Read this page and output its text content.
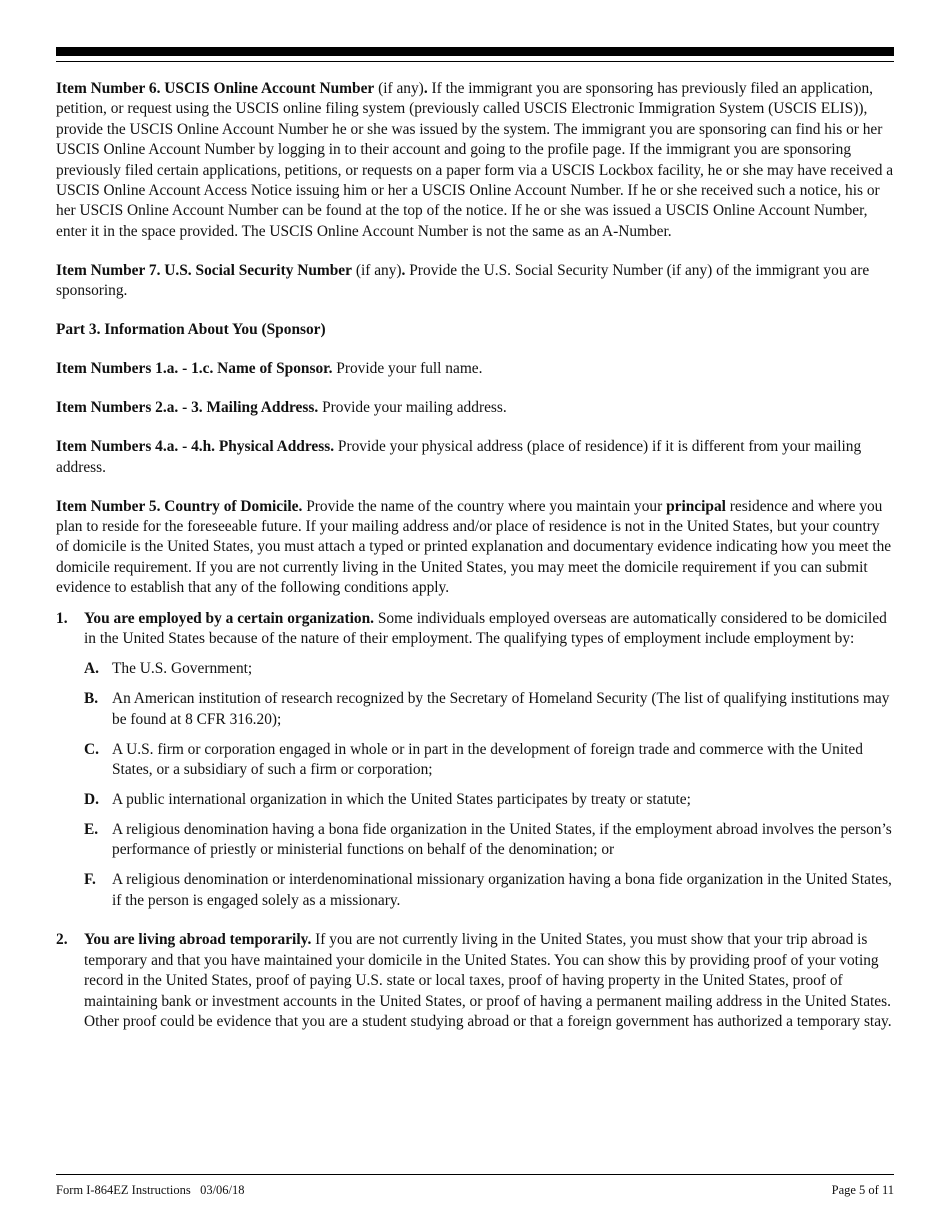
Item Number 6. USCIS Online Account Number (if any). If the immigrant you are sponsoring has previously filed an application, petition, or request using the USCIS online filing system (previously called USCIS Electronic Immigration System (USCIS ELIS)), provide the USCIS Online Account Number he or she was issued by the system. The immigrant you are sponsoring can find his or her USCIS Online Account Number by logging in to their account and going to the profile page. If the immigrant you are sponsoring previously filed certain applications, petitions, or requests on a paper form via a USCIS Lockbox facility, he or she may have received a USCIS Online Account Access Notice issuing him or her a USCIS Online Account Number. If he or she received such a notice, his or her USCIS Online Account Number can be found at the top of the notice. If he or she was issued a USCIS Online Account Number, enter it in the space provided. The USCIS Online Account Number is not the same as an A-Number.

Item Number 7. U.S. Social Security Number (if any). Provide the U.S. Social Security Number (if any) of the immigrant you are sponsoring.

Part 3. Information About You (Sponsor)

Item Numbers 1.a. - 1.c. Name of Sponsor. Provide your full name.

Item Numbers 2.a. - 3. Mailing Address. Provide your mailing address.

Item Numbers 4.a. - 4.h. Physical Address. Provide your physical address (place of residence) if it is different from your mailing address.

Item Number 5. Country of Domicile. Provide the name of the country where you maintain your principal residence and where you plan to reside for the foreseeable future. If your mailing address and/or place of residence is not in the United States, but your country of domicile is the United States, you must attach a typed or printed explanation and documentary evidence indicating how you meet the domicile requirement. If you are not currently living in the United States, you may meet the domicile requirement if you can submit evidence to establish that any of the following conditions apply.

1.	You are employed by a certain organization. Some individuals employed overseas are automatically considered to be domiciled in the United States because of the nature of their employment. The qualifying types of employment include employment by:

A. The U.S. Government;
B. An American institution of research recognized by the Secretary of Homeland Security (The list of qualifying institutions may be found at 8 CFR 316.20);
C. A U.S. firm or corporation engaged in whole or in part in the development of foreign trade and commerce with the United States, or a subsidiary of such a firm or corporation;
D. A public international organization in which the United States participates by treaty or statute;
E. A religious denomination having a bona fide organization in the United States, if the employment abroad involves the person’s performance of priestly or ministerial functions on behalf of the denomination; or
F.	A religious denomination or interdenominational missionary organization having a bona fide organization in the United States, if the person is engaged solely as a missionary.
2.	You are living abroad temporarily. If you are not currently living in the United States, you must show that your trip abroad is temporary and that you have maintained your domicile in the United States. You can show this by providing proof of your voting record in the United States, proof of paying U.S. state or local taxes, proof of having property in the United States, proof of maintaining bank or investment accounts in the United States, or proof of having a permanent mailing address in the United States. Other proof could be evidence that you are a student studying abroad or that a foreign government has authorized a temporary stay.

Form I-864EZ Instructions   03/06/18	Page 5 of 11
